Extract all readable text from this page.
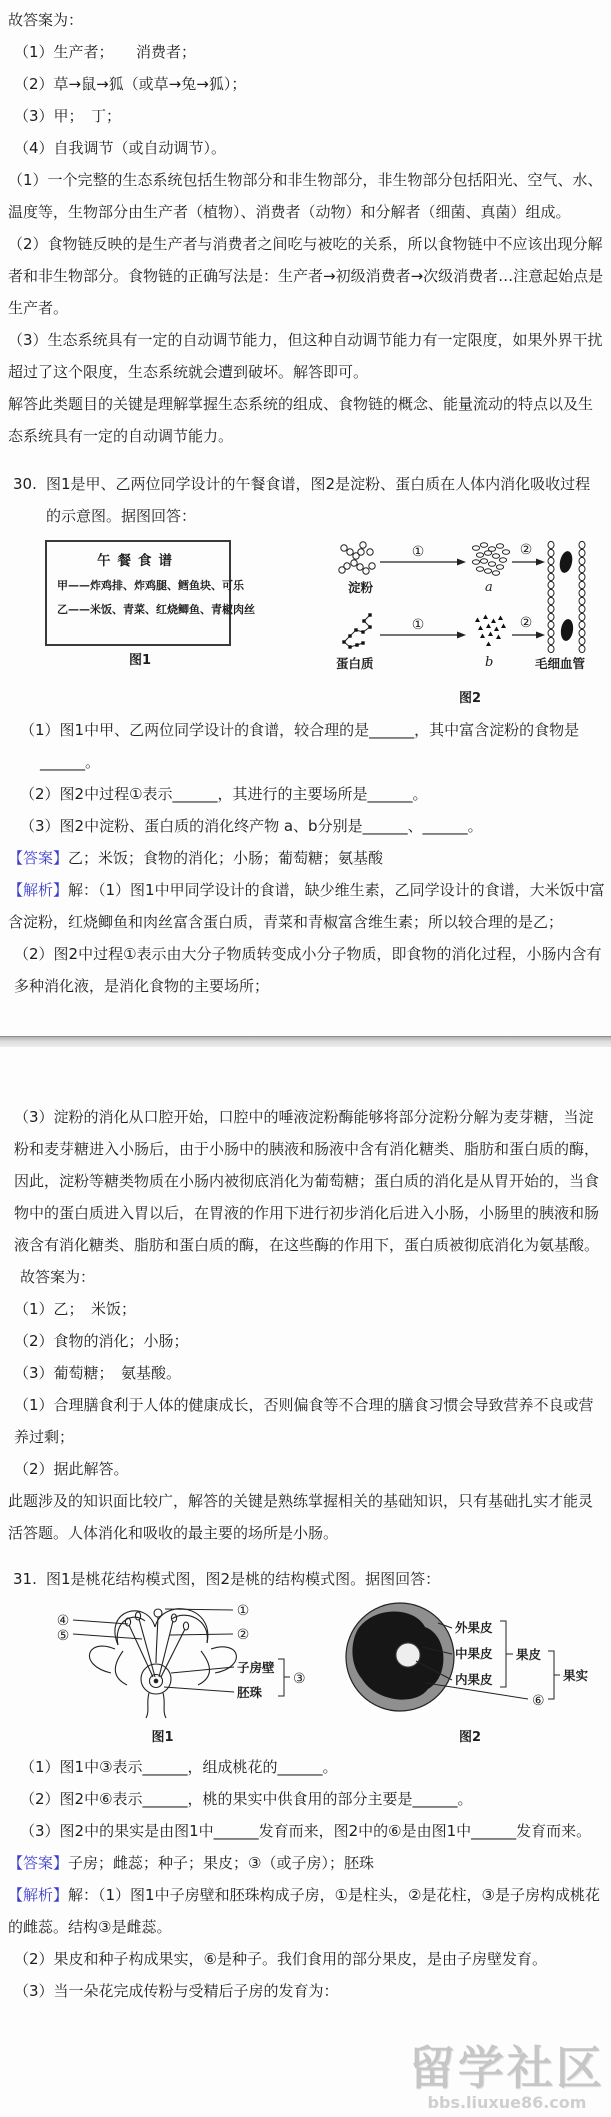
故答案为：

（1）生产者；　　消费者；

（2）草→鼠→狐（或草→兔→狐）；

（3）甲；　丁；

（4）自我调节（或自动调节）。

（1）一个完整的生态系统包括生物部分和非生物部分，非生物部分包括阳光、空气、水、温度等，生物部分由生产者（植物）、消费者（动物）和分解者（细菌、真菌）组成。

（2）食物链反映的是生产者与消费者之间吃与被吃的关系，所以食物链中不应该出现分解者和非生物部分。食物链的正确写法是：生产者→初级消费者→次级消费者…注意起始点是生产者。

（3）生态系统具有一定的自动调节能力，但这种自动调节能力有一定限度，如果外界干扰超过了这个限度，生态系统就会遭到破坏。解答即可。

解答此类题目的关键是理解掌握生态系统的组成、食物链的概念、能量流动的特点以及生态系统具有一定的自动调节能力。

30. 图1是甲、乙两位同学设计的午餐食谱，图2是淀粉、蛋白质在人体内消化吸收过程的示意图。据图回答：

午餐食谱
甲——炸鸡排、炸鸡腿、鳕鱼块、可乐
乙——米饭、青菜、红烧鲫鱼、青椒肉丝
图1
①	②
①	②
淀粉	a
蛋白质	b	毛细血管
图2

（1）图1中甲、乙两位同学设计的食谱，较合理的是______，其中富含淀粉的食物是______。

（2）图2中过程①表示______，其进行的主要场所是______。

（3）图2中淀粉、蛋白质的消化终产物 a、b分别是______、______。

【答案】乙；米饭；食物的消化；小肠；葡萄糖；氨基酸

【解析】解：（1）图1中甲同学设计的食谱，缺少维生素，乙同学设计的食谱，大米饭中富含淀粉，红烧鲫鱼和肉丝富含蛋白质，青菜和青椒富含维生素；所以较合理的是乙；

（2）图2中过程①表示由大分子物质转变成小分子物质，即食物的消化过程，小肠内含有多种消化液，是消化食物的主要场所；

（3）淀粉的消化从口腔开始，口腔中的唾液淀粉酶能够将部分淀粉分解为麦芽糖，当淀粉和麦芽糖进入小肠后，由于小肠中的胰液和肠液中含有消化糖类、脂肪和蛋白质的酶，因此，淀粉等糖类物质在小肠内被彻底消化为葡萄糖；蛋白质的消化是从胃开始的，当食物中的蛋白质进入胃以后，在胃液的作用下进行初步消化后进入小肠，小肠里的胰液和肠液含有消化糖类、脂肪和蛋白质的酶，在这些酶的作用下，蛋白质被彻底消化为氨基酸。

故答案为：

（1）乙；　米饭；

（2）食物的消化；小肠；

（3）葡萄糖；　氨基酸。

（1）合理膳食利于人体的健康成长，否则偏食等不合理的膳食习惯会导致营养不良或营养过剩；

（2）据此解答。

此题涉及的知识面比较广，解答的关键是熟练掌握相关的基础知识，只有基础扎实才能灵活答题。人体消化和吸收的最主要的场所是小肠。

31. 图1是桃花结构模式图，图2是桃的结构模式图。据图回答：

①
②
④
⑤
子房壁
胚珠
③
图1
外果皮
中果皮
内果皮
果皮
⑥
果实
图2

（1）图1中③表示______，组成桃花的______。

（2）图2中⑥表示______，桃的果实中供食用的部分主要是______。

（3）图2中的果实是由图1中______发育而来，图2中的⑥是由图1中______发育而来。

【答案】子房；雌蕊；种子；果皮；③（或子房）；胚珠

【解析】解：（1）图1中子房壁和胚珠构成子房，①是柱头，②是花柱，③是子房构成桃花的雌蕊。结构③是雌蕊。

（2）果皮和种子构成果实，⑥是种子。我们食用的部分果皮，是由子房壁发育。

（3）当一朵花完成传粉与受精后子房的发育为：

留学社区
bbs.liuxue86.com
